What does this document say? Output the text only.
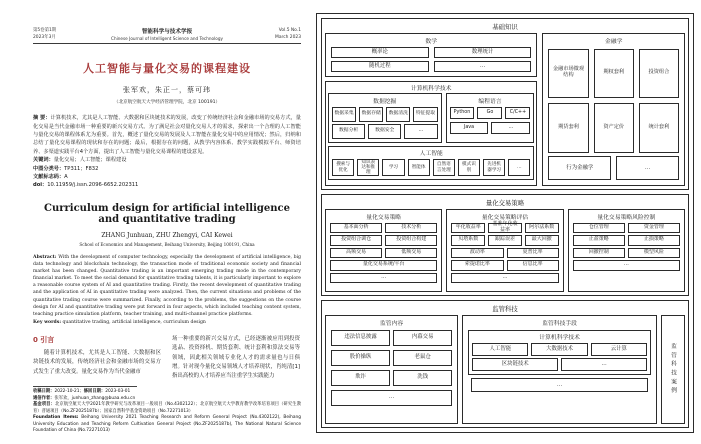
第5卷第1期
2023年3月
智能科学与技术学报
Chinese Journal of Intelligent Science and Technology
Vol.5 No.1
March 2023
人工智能与量化交易的课程建设
张军欢，朱正一，蔡可玮
（北京航空航天大学经济管理学院，北京 100191）
摘 要：计算机技术，尤其是人工智能、大数据和区块链技术的发展，改变了传统经济社会和金融市场的交易方式，量化交易是当代金融市场一种重要的新兴交易方式。为了满足社会对量化交易人才的需求，探索出一个合理的人工智能与量化交易的课程体系尤为重要。首先，概述了量化交易的发展及人工智能在量化交易中的应用情况；然后，归纳和总结了量化交易课程的现状和存在的问题；最后，根据存在的问题，从教学内容体系、教学实践模拟平台、师资培养、多渠道实践平台4个方面，提出了人工智能与量化交易课程的建设意见。
关键词：量化交易；人工智能；课程建设
中图分类号：TP311；F832
文献标志码：A
doi：10.11959/j.issn.2096-6652.202311
Curriculum design for artificial intelligence and quantitative trading
ZHANG Junhuan, ZHU Zhengyi, CAI Kewei
School of Economics and Management, Beihang University, Beijing 100191, China
Abstract: With the development of computer technology, especially the development of artificial intelligence, big data technology and blockchain technology, the transaction mode of traditional economic society and financial market has been changed. Quantitative trading is an important emerging trading mode in the contemporary financial market. To meet the social demand for quantitative trading talents, it is particularly important to explore a reasonable course system of AI and quantitative trading. Firstly, the recent development of quantitative trading and the application of AI in quantitative trading were analyzed. Then, the current situations and problems of the quantitative trading course were summarized. Finally, according to the problems, the suggestions on the course design for AI and quantitative trading were put forward in four aspects, which included teaching content system, teaching practice simulation platform, teacher training, and multi-channel practice platforms.
Key words: quantitative trading, artificial intelligence, curriculum design
0 引言

随着计算机技术，尤其是人工智能、大数据和区块链技术的发展，传统经济社会和金融市场的交易方式发生了重大改变。量化交易作为当代金融市

场一种重要的新兴交易方式，已经逐渐被应用到投资选品、投资择机、期货套利、统计套利和算法交易等领域，因此相关领域专业化人才的需求量也与日俱增。针对现今量化交易领域人才培养现状，肖纯清[1]指出高校的人才培养应当注重学生实践能力
收稿日期：2022-10-21；修回日期：2023-03-01
通信作者：张军欢，junhuan_zhang@buaa.edu.cn
基金项目：北京航空航天大学2021年教学研究与改革项目一般项目（No.4302122）；北京航空航天大学教育教学改革培育项目（研究生教育）普通项目（No.ZF2025187b）；国家自然科学基金资助项目（No.72271013）
Foundation Items: Beihang University 2021 Teaching Research and Reform General Project (No.4302122), Beihang University Education and Teaching Reform Cultivation General Project (No.ZF2025187b), The National Natural Science Foundation of China (No.72271013)
基础知识
数学
概率论	数理统计
随机过程	…
计算机科学技术
数据挖掘
数据采集	数据存储	数据清洗	特征提取
数据分析	数据安全	…
编程语言
Python	Go	C/C++
Java	…
人工智能
搜索与优化
知识表达和推理
学习	智能体
自然语言处理
模式识别
先进机器学习
…
金融学
金融市场微观结构	期权套利	投资组合
期货套利	资产定价	统计套利
行为金融学	…
量化交易策略
量化交易策略
基本面分析	技术分析
投资组合调仓	投资组合构建
高频交易	低频交易
量化交易系统/平台
…
量化交易策略评估
年化收益率	基准年化收益率	阿尔法系数
贝塔系数	跟踪误差	最大回撤
波动率	夏普比率
索提诺比率	信息比率
…
量化交易策略风险控制
仓位管理	资金管理
止盈策略	止损策略
回撤控制	模型风险
…
监管科技
监管内容
违法信息披露	内幕交易
股价操纵	老鼠仓
欺诈	洗钱
…
监管科技手段
计算机科学技术
人工智能	大数据技术	云计算
区块链技术	…
…	监管科技案例
